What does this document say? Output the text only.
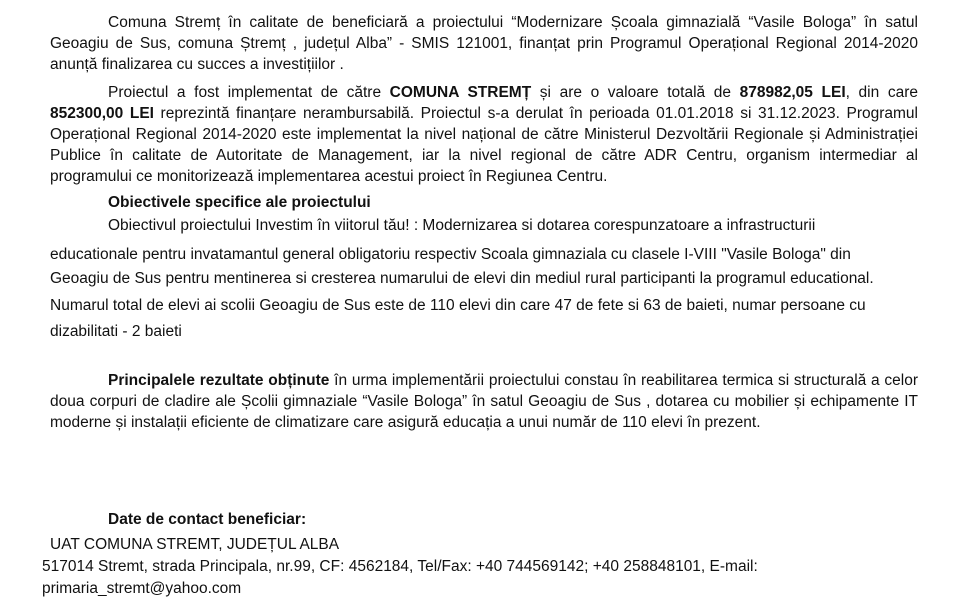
Comuna Stremț în calitate de beneficiară a proiectului “Modernizare Școala gimnazială “Vasile Bologa” în satul Geoagiu de Sus, comuna Ștremț , județul Alba” - SMIS 121001, finanțat prin Programul Operațional Regional 2014-2020 anunță finalizarea cu succes a investițiilor .
Proiectul a fost implementat de către COMUNA STREMȚ și are o valoare totală de 878982,05 LEI, din care 852300,00 LEI reprezintă finanțare nerambursabilă. Proiectul s-a derulat în perioada 01.01.2018 si 31.12.2023. Programul Operațional Regional 2014-2020 este implementat la nivel național de către Ministerul Dezvoltării Regionale și Administrației Publice în calitate de Autoritate de Management, iar la nivel regional de către ADR Centru, organism intermediar al programului ce monitorizează implementarea acestui proiect în Regiunea Centru.
Obiectivele specifice ale proiectului
Obiectivul proiectului Investim în viitorul tău! : Modernizarea si dotarea corespunzatoare a infrastructurii
educationale pentru invatamantul general obligatoriu respectiv Scoala gimnaziala cu clasele I-VIII "Vasile Bologa" din
Geoagiu de Sus pentru mentinerea si cresterea numarului de elevi din mediul rural participanti la programul educational.
Numarul total de elevi ai scolii Geoagiu de Sus este de 110 elevi din care 47 de fete si 63 de baieti, numar persoane cu
dizabilitati - 2 baieti
Principalele rezultate obținute în urma implementării proiectului constau în reabilitarea termica si structurală a celor doua corpuri de cladire ale Școlii gimnaziale “Vasile Bologa” în satul Geoagiu de Sus , dotarea cu mobilier și echipamente IT moderne și instalații eficiente de climatizare care asigură educația a unui număr de 110 elevi în prezent.
Date de contact beneficiar:
UAT COMUNA STREMT, JUDEȚUL ALBA
517014 Stremt, strada Principala, nr.99, CF: 4562184, Tel/Fax: +40 744569142; +40 258848101, E-mail:
primaria_stremt@yahoo.com
